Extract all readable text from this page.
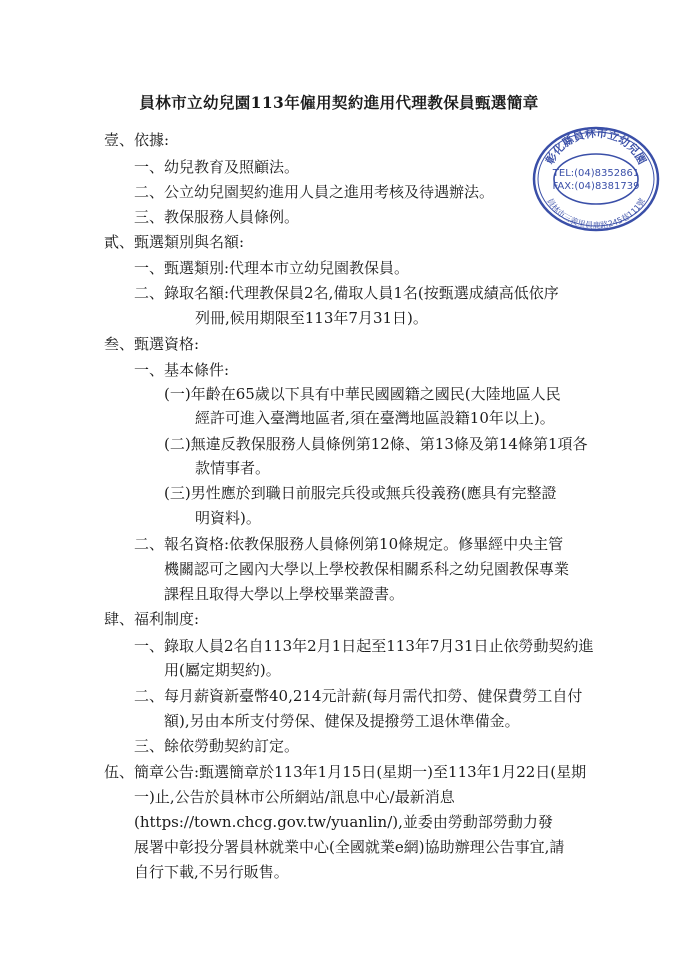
員林市立幼兒園113年僱用契約進用代理教保員甄選簡章
彰化縣員林市立幼兒園
TEL:(04)8352861
FAX:(04)8381739
員林市三義里員鹿路245巷111號
壹、依據:
一、幼兒教育及照顧法。
二、公立幼兒園契約進用人員之進用考核及待遇辦法。
三、教保服務人員條例。
貳、甄選類別與名額:
一、甄選類別:代理本市立幼兒園教保員。
二、錄取名額:代理教保員2名,備取人員1名(按甄選成績高低依序
列冊,候用期限至113年7月31日)。
叁、甄選資格:
一、基本條件:
(一)年齡在65歲以下具有中華民國國籍之國民(大陸地區人民
經許可進入臺灣地區者,須在臺灣地區設籍10年以上)。
(二)無違反教保服務人員條例第12條、第13條及第14條第1項各
款情事者。
(三)男性應於到職日前服完兵役或無兵役義務(應具有完整證
明資料)。
二、報名資格:依教保服務人員條例第10條規定。修畢經中央主管
機關認可之國內大學以上學校教保相關系科之幼兒園教保專業
課程且取得大學以上學校畢業證書。
肆、福利制度:
一、錄取人員2名自113年2月1日起至113年7月31日止依勞動契約進
用(屬定期契約)。
二、每月薪資新臺幣40,214元計薪(每月需代扣勞、健保費勞工自付
額),另由本所支付勞保、健保及提撥勞工退休準備金。
三、餘依勞動契約訂定。
伍、簡章公告:甄選簡章於113年1月15日(星期一)至113年1月22日(星期
一)止,公告於員林市公所網站/訊息中心/最新消息
(https://town.chcg.gov.tw/yuanlin/),並委由勞動部勞動力發
展署中彰投分署員林就業中心(全國就業e網)協助辦理公告事宜,請
自行下載,不另行販售。
